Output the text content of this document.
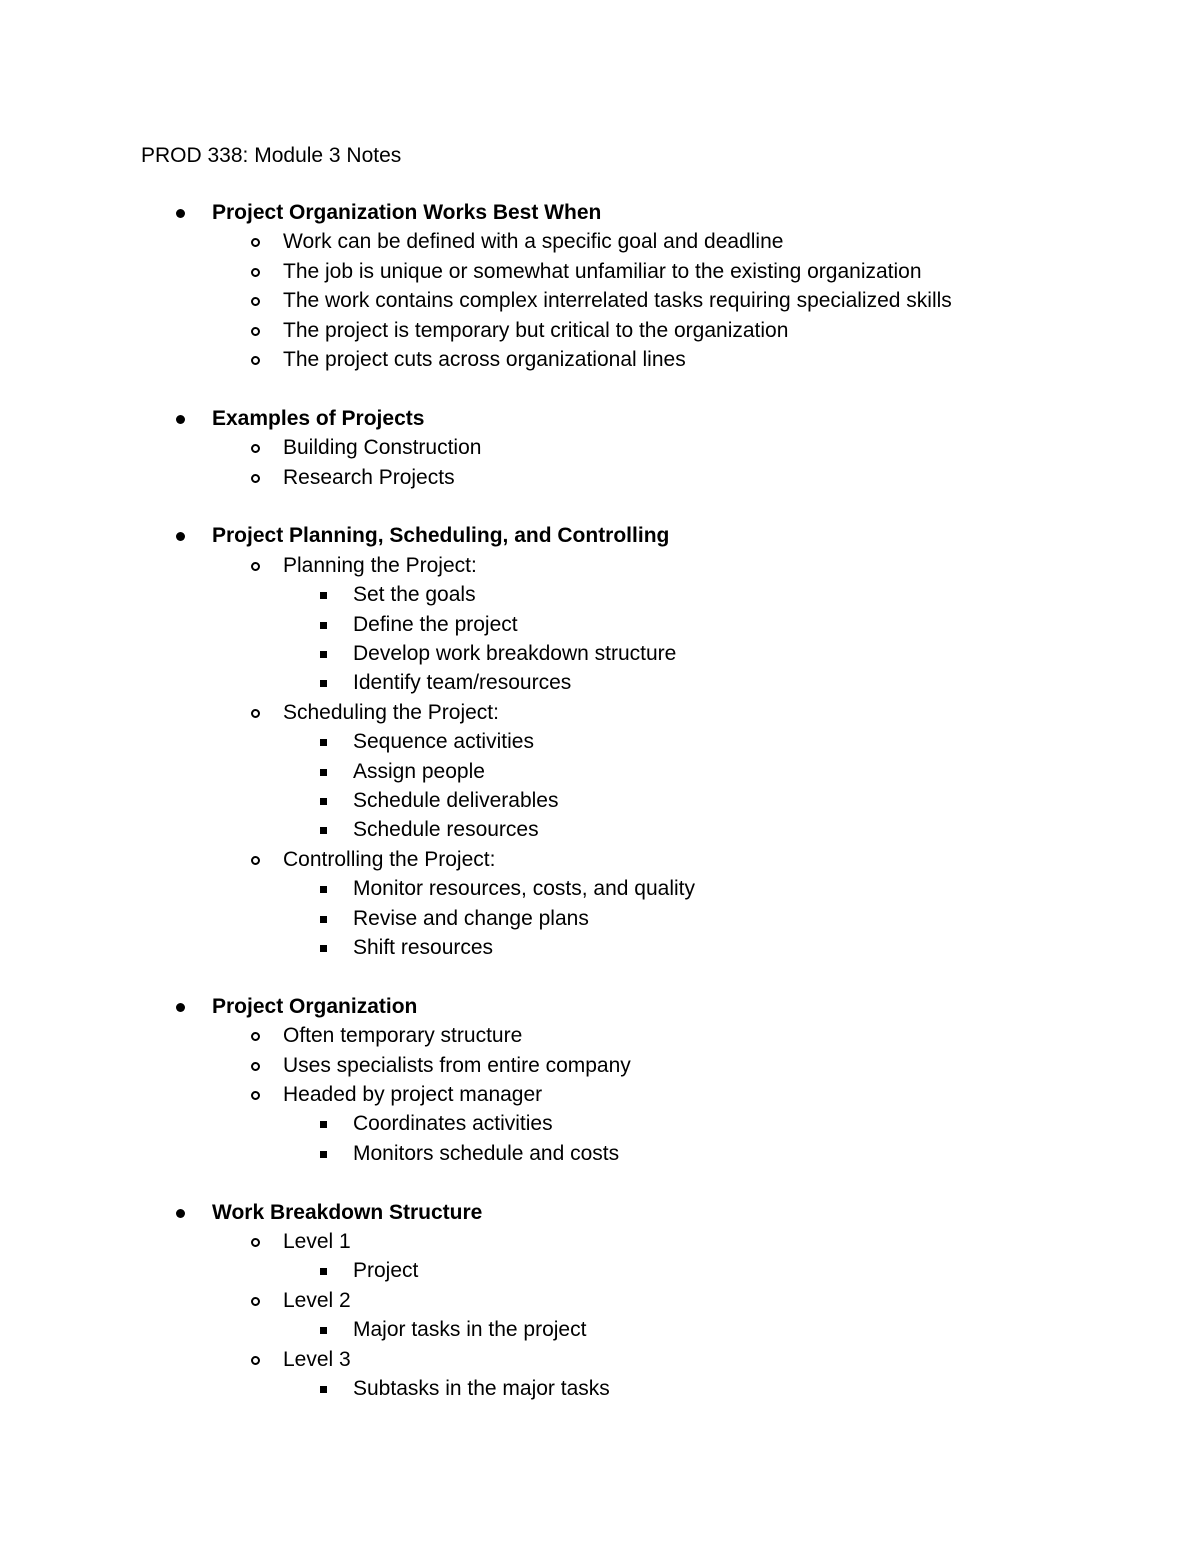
PROD 338: Module 3 Notes
Project Organization Works Best When
Work can be defined with a specific goal and deadline
The job is unique or somewhat unfamiliar to the existing organization
The work contains complex interrelated tasks requiring specialized skills
The project is temporary but critical to the organization
The project cuts across organizational lines
Examples of Projects
Building Construction
Research Projects
Project Planning, Scheduling, and Controlling
Planning the Project:
Set the goals
Define the project
Develop work breakdown structure
Identify team/resources
Scheduling the Project:
Sequence activities
Assign people
Schedule deliverables
Schedule resources
Controlling the Project:
Monitor resources, costs, and quality
Revise and change plans
Shift resources
Project Organization
Often temporary structure
Uses specialists from entire company
Headed by project manager
Coordinates activities
Monitors schedule and costs
Work Breakdown Structure
Level 1
Project
Level 2
Major tasks in the project
Level 3
Subtasks in the major tasks
